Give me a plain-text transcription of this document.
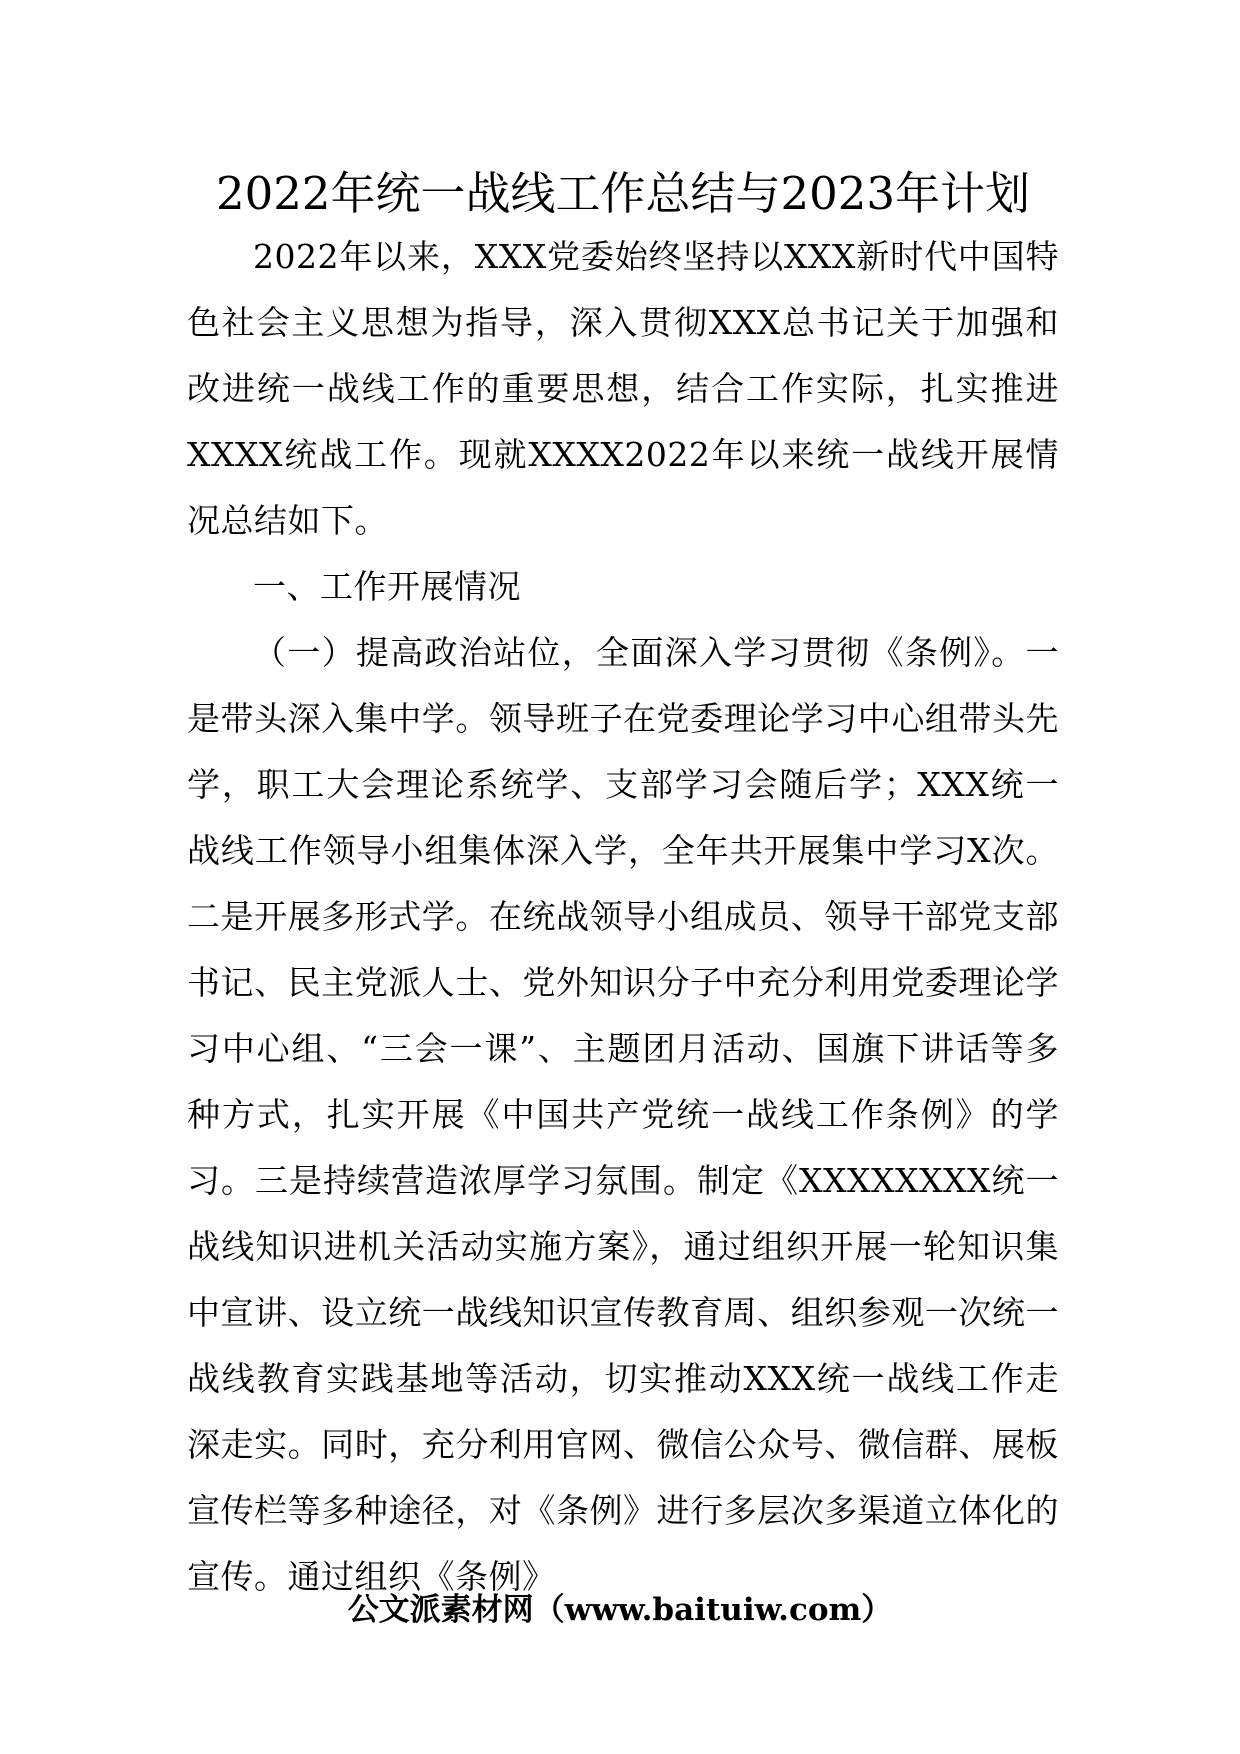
2022年统一战线工作总结与2023年计划

2022年以来，XXX党委始终坚持以XXX新时代中国特色社会主义思想为指导，深入贯彻XXX总书记关于加强和改进统一战线工作的重要思想，结合工作实际，扎实推进XXXX统战工作。现就XXXX2022年以来统一战线开展情况总结如下。

一、工作开展情况

（一）提高政治站位，全面深入学习贯彻《条例》。一是带头深入集中学。领导班子在党委理论学习中心组带头先学，职工大会理论系统学、支部学习会随后学；XXX统一战线工作领导小组集体深入学，全年共开展集中学习X次。二是开展多形式学。在统战领导小组成员、领导干部党支部书记、民主党派人士、党外知识分子中充分利用党委理论学习中心组、“三会一课”、主题团月活动、国旗下讲话等多种方式，扎实开展《中国共产党统一战线工作条例》的学习。三是持续营造浓厚学习氛围。制定《XXXXXXXX统一战线知识进机关活动实施方案》，通过组织开展一轮知识集中宣讲、设立统一战线知识宣传教育周、组织参观一次统一战线教育实践基地等活动，切实推动XXX统一战线工作走深走实。同时，充分利用官网、微信公众号、微信群、展板宣传栏等多种途径，对《条例》进行多层次多渠道立体化的宣传。通过组织《条例》

公文派素材网（www.baituiw.com）
